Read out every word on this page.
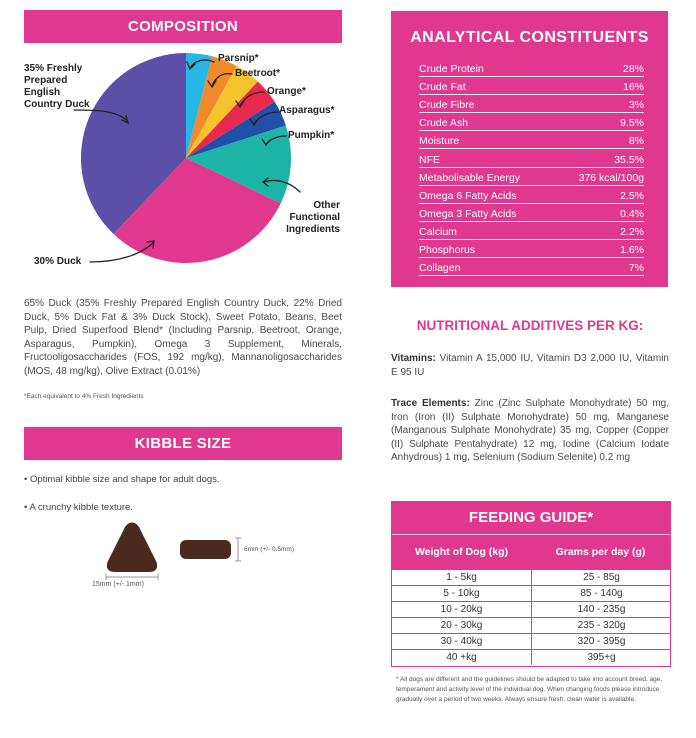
COMPOSITION
35% Freshly Prepared English Country Duck
Parsnip*
Beetroot*
Orange*
Asparagus*
Pumpkin*
Other Functional Ingredients
30% Duck
65% Duck (35% Freshly Prepared English Country Duck, 22% Dried Duck, 5% Duck Fat & 3% Duck Stock), Sweet Potato, Beans, Beet Pulp, Dried Superfood Blend* (Including Parsnip, Beetroot, Orange, Asparagus, Pumpkin), Omega 3 Supplement, Minerals, Fructooligosaccharides (FOS, 192 mg/kg), Mannanoligosaccharides (MOS, 48 mg/kg), Olive Extract (0.01%)
*Each equivalent to 4% Fresh Ingredients
KIBBLE SIZE
• Optimal kibble size and shape for adult dogs.
• A crunchy kibble texture.
6mm (+/- 0.5mm)
15mm (+/- 1mm)
ANALYTICAL CONSTITUENTS
Crude Protein	28%
Crude Fat	16%
Crude Fibre	3%
Crude Ash	9.5%
Moisture	8%
NFE	35.5%
Metabolisable Energy	376 kcal/100g
Omega 6 Fatty Acids	2.5%
Omega 3 Fatty Acids	0.4%
Calcium	2.2%
Phosphorus	1.6%
Collagen	7%
NUTRITIONAL ADDITIVES PER KG:
Vitamins: Vitamin A 15,000 IU, Vitamin D3 2,000 IU, Vitamin E 95 IU
Trace Elements: Zinc (Zinc Sulphate Monohydrate) 50 mg, Iron (Iron (II) Sulphate Monohydrate) 50 mg, Manganese (Manganous Sulphate Monohydrate) 35 mg, Copper (Copper (II) Sulphate Pentahydrate) 12 mg, Iodine (Calcium Iodate Anhydrous) 1 mg, Selenium (Sodium Selenite) 0.2 mg
FEEDING GUIDE*
Weight of Dog (kg)	Grams per day (g)
1 - 5kg	25 - 85g
5 - 10kg	85 - 140g
10 - 20kg	140 - 235g
20 - 30kg	235 - 320g
30 - 40kg	320 - 395g
40 +kg	395+g
* All dogs are different and the guidelines should be adapted to take into account breed, age, temperament and activity level of the individual dog. When changing foods please introduce gradually over a period of two weeks. Always ensure fresh, clean water is available.
